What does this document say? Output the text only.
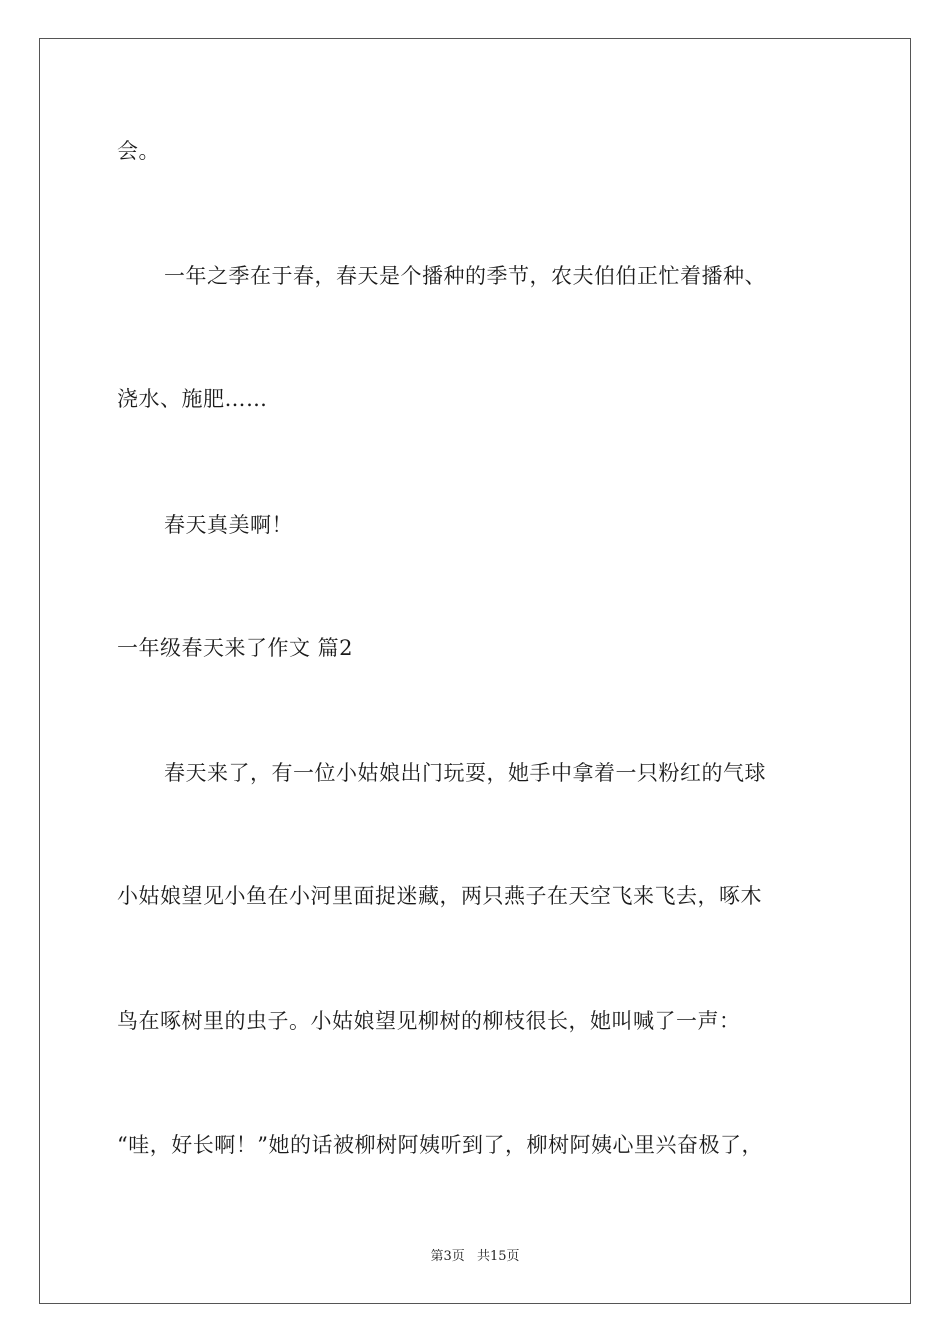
会。
一年之季在于春，春天是个播种的季节，农夫伯伯正忙着播种、
浇水、施肥……
春天真美啊！
一年级春天来了作文 篇2
春天来了，有一位小姑娘出门玩耍，她手中拿着一只粉红的气球
小姑娘望见小鱼在小河里面捉迷藏，两只燕子在天空飞来飞去，啄木
鸟在啄树里的虫子。小姑娘望见柳树的柳枝很长，她叫喊了一声：
“哇，好长啊！”她的话被柳树阿姨听到了，柳树阿姨心里兴奋极了，
第3页 共15页
